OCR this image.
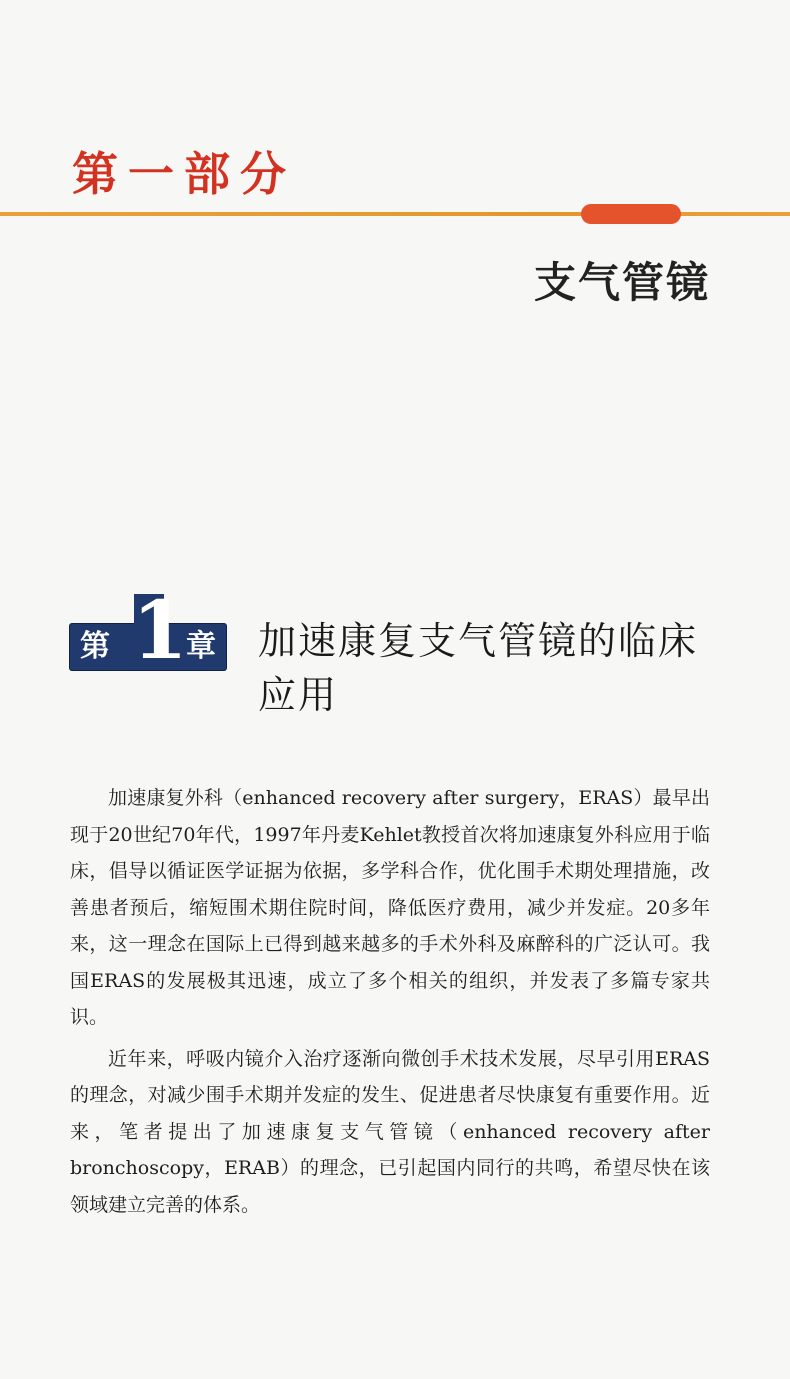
第一部分
支气管镜
第 1
章 加速康复支气管镜的临床应用

加速康复外科（enhanced recovery after surgery，ERAS）最早出现于20世纪70年代，1997年丹麦Kehlet教授首次将加速康复外科应用于临床，倡导以循证医学证据为依据，多学科合作，优化围手术期处理措施，改善患者预后，缩短围术期住院时间，降低医疗费用，减少并发症。20多年来，这一理念在国际上已得到越来越多的手术外科及麻醉科的广泛认可。我国ERAS的发展极其迅速，成立了多个相关的组织，并发表了多篇专家共识。

近年来，呼吸内镜介入治疗逐渐向微创手术技术发展，尽早引用ERAS的理念，对减少围手术期并发症的发生、促进患者尽快康复有重要作用。近来，笔者提出了加速康复支气管镜（enhanced recovery after bronchoscopy，ERAB）的理念，已引起国内同行的共鸣，希望尽快在该领域建立完善的体系。
